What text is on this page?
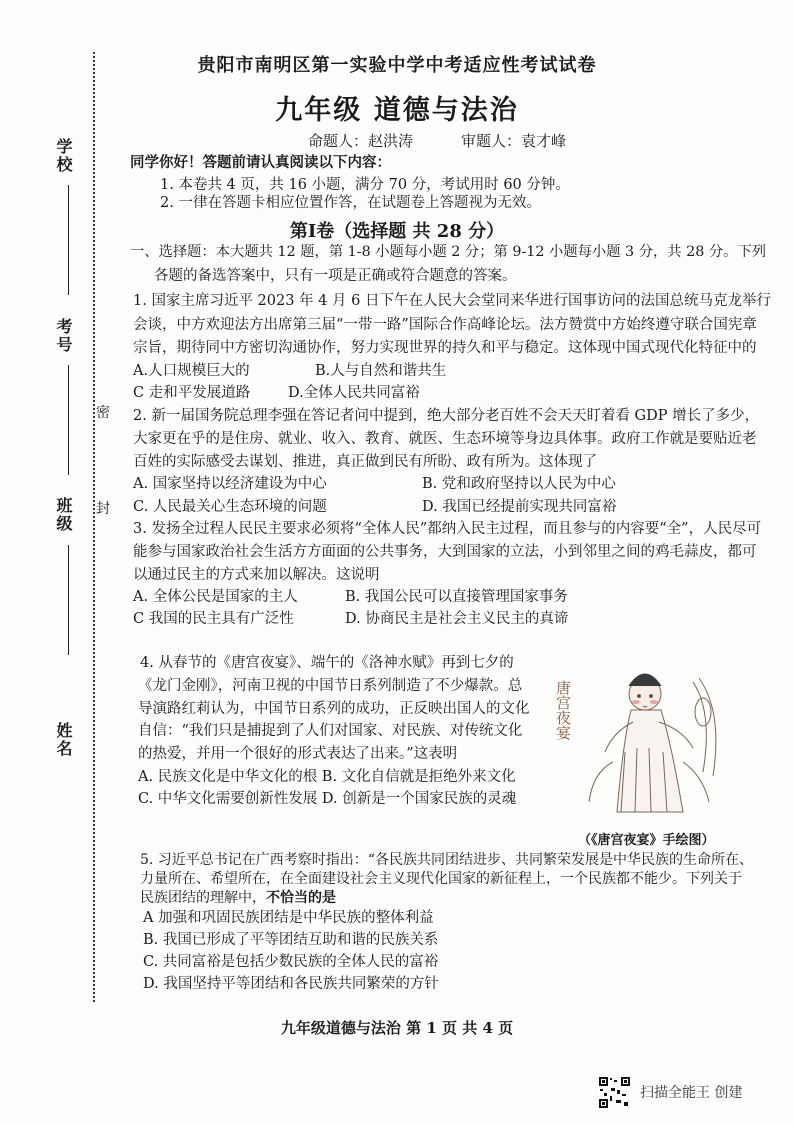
学校
考号
班级
姓名
密
封
贵阳市南明区第一实验中学中考适应性考试试卷
九年级 道德与法治
命题人：赵洪涛	审题人：袁才峰
同学你好！答题前请认真阅读以下内容：
1. 本卷共 4 页，共 16 小题，满分 70 分，考试用时 60 分钟。
2. 一律在答题卡相应位置作答，在试题卷上答题视为无效。
第Ⅰ卷（选择题 共 28 分）
一、选择题：本大题共 12 题，第 1-8 小题每小题 2 分；第 9-12 小题每小题 3 分，共 28 分。下列
各题的备选答案中，只有一项是正确或符合题意的答案。
1. 国家主席习近平 2023 年 4 月 6 日下午在人民大会堂同来华进行国事访问的法国总统马克龙举行
会谈，中方欢迎法方出席第三届“一带一路”国际合作高峰论坛。法方赞赏中方始终遵守联合国宪章
宗旨，期待同中方密切沟通协作，努力实现世界的持久和平与稳定。这体现中国式现代化特征中的
A.人口规模巨大的	B.人与自然和谐共生
C 走和平发展道路	D.全体人民共同富裕
2. 新一届国务院总理李强在答记者问中提到，绝大部分老百姓不会天天盯着看 GDP 增长了多少，
大家更在乎的是住房、就业、收入、教育、就医、生态环境等身边具体事。政府工作就是要贴近老
百姓的实际感受去谋划、推进，真正做到民有所盼、政有所为。这体现了
A. 国家坚持以经济建设为中心	B. 党和政府坚持以人民为中心
C. 人民最关心生态环境的问题	D. 我国已经提前实现共同富裕
3. 发扬全过程人民民主要求必须将“全体人民”都纳入民主过程，而且参与的内容要“全”，人民尽可
能参与国家政治社会生活方方面面的公共事务，大到国家的立法，小到邻里之间的鸡毛蒜皮，都可
以通过民主的方式来加以解决。这说明
A. 全体公民是国家的主人	B. 我国公民可以直接管理国家事务
C 我国的民主具有广泛性	D. 协商民主是社会主义民主的真谛
4. 从春节的《唐宫夜宴》、端午的《洛神水赋》再到七夕的
《龙门金刚》，河南卫视的中国节日系列制造了不少爆款。总
导演路红莉认为，中国节日系列的成功，正反映出国人的文化
自信：“我们只是捕捉到了人们对国家、对民族、对传统文化
的热爱，并用一个很好的形式表达了出来。”这表明
A. 民族文化是中华文化的根 B. 文化自信就是拒绝外来文化
C. 中华文化需要创新性发展 D. 创新是一个国家民族的灵魂
唐宫夜宴
（《唐宫夜宴》手绘图）
5. 习近平总书记在广西考察时指出：“各民族共同团结进步、共同繁荣发展是中华民族的生命所在、
力量所在、希望所在，在全面建设社会主义现代化国家的新征程上，一个民族都不能少。下列关于
民族团结的理解中，不恰当的是
A 加强和巩固民族团结是中华民族的整体利益
B. 我国已形成了平等团结互助和谐的民族关系
C. 共同富裕是包括少数民族的全体人民的富裕
D. 我国坚持平等团结和各民族共同繁荣的方针
九年级道德与法治 第 1 页 共 4 页
扫描全能王 创建
